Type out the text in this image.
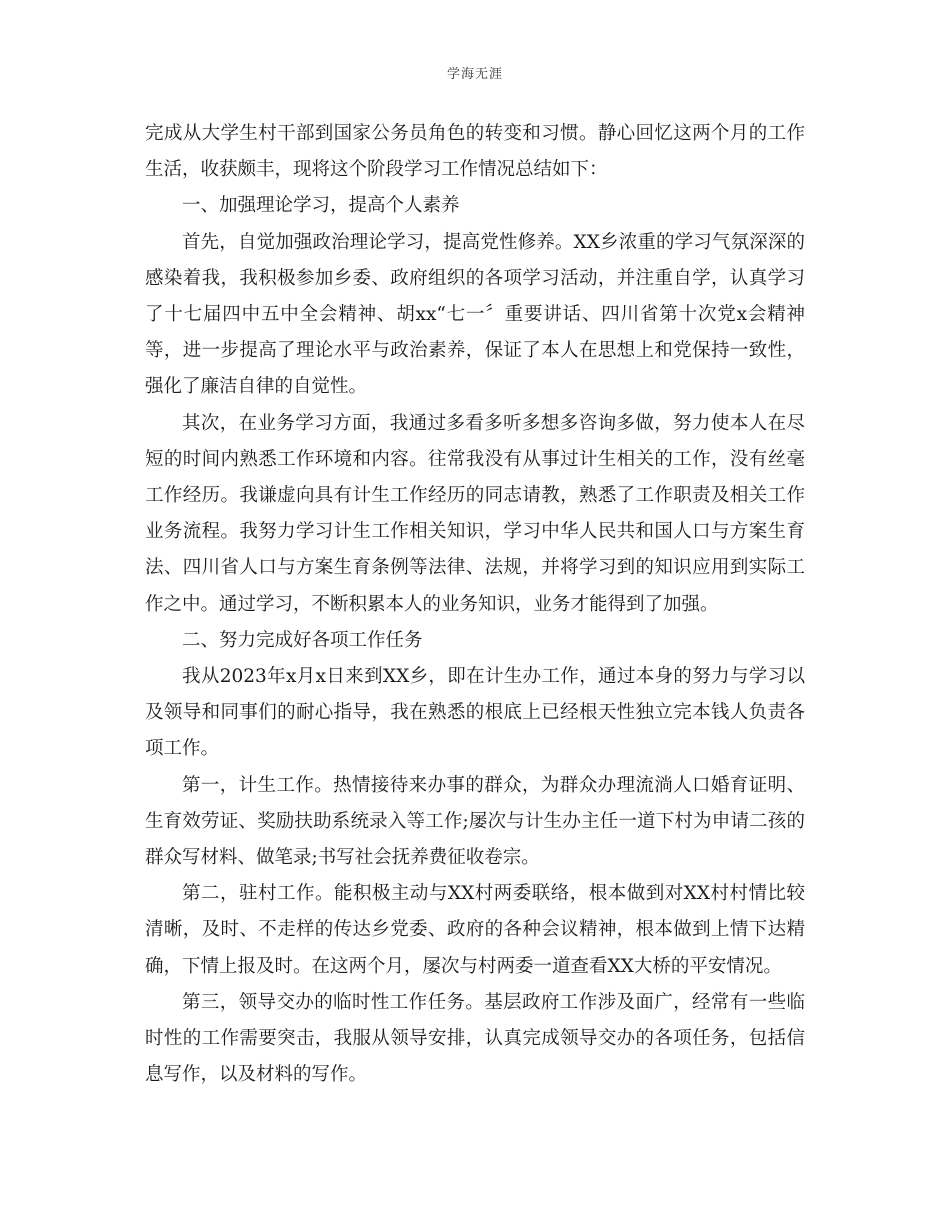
学海无涯

完成从大学生村干部到国家公务员角色的转变和习惯。静心回忆这两个月的工作生活，收获颇丰，现将这个阶段学习工作情况总结如下：

一、加强理论学习，提高个人素养

首先，自觉加强政治理论学习，提高党性修养。XX乡浓重的学习气氛深深的感染着我，我积极参加乡委、政府组织的各项学习活动，并注重自学，认真学习了十七届四中五中全会精神、胡xx“七一〞重要讲话、四川省第十次党x会精神等，进一步提高了理论水平与政治素养，保证了本人在思想上和党保持一致性，强化了廉洁自律的自觉性。

其次，在业务学习方面，我通过多看多听多想多咨询多做，努力使本人在尽短的时间内熟悉工作环境和内容。往常我没有从事过计生相关的工作，没有丝毫工作经历。我谦虚向具有计生工作经历的同志请教，熟悉了工作职责及相关工作业务流程。我努力学习计生工作相关知识，学习中华人民共和国人口与方案生育法、四川省人口与方案生育条例等法律、法规，并将学习到的知识应用到实际工作之中。通过学习，不断积累本人的业务知识，业务才能得到了加强。

二、努力完成好各项工作任务

我从2023年x月x日来到XX乡，即在计生办工作，通过本身的努力与学习以及领导和同事们的耐心指导，我在熟悉的根底上已经根天性独立完本钱人负责各项工作。

第一，计生工作。热情接待来办事的群众，为群众办理流淌人口婚育证明、生育效劳证、奖励扶助系统录入等工作;屡次与计生办主任一道下村为申请二孩的群众写材料、做笔录;书写社会抚养费征收卷宗。

第二，驻村工作。能积极主动与XX村两委联络，根本做到对XX村村情比较清晰，及时、不走样的传达乡党委、政府的各种会议精神，根本做到上情下达精确，下情上报及时。在这两个月，屡次与村两委一道查看XX大桥的平安情况。

第三，领导交办的临时性工作任务。基层政府工作涉及面广，经常有一些临时性的工作需要突击，我服从领导安排，认真完成领导交办的各项任务，包括信息写作，以及材料的写作。
